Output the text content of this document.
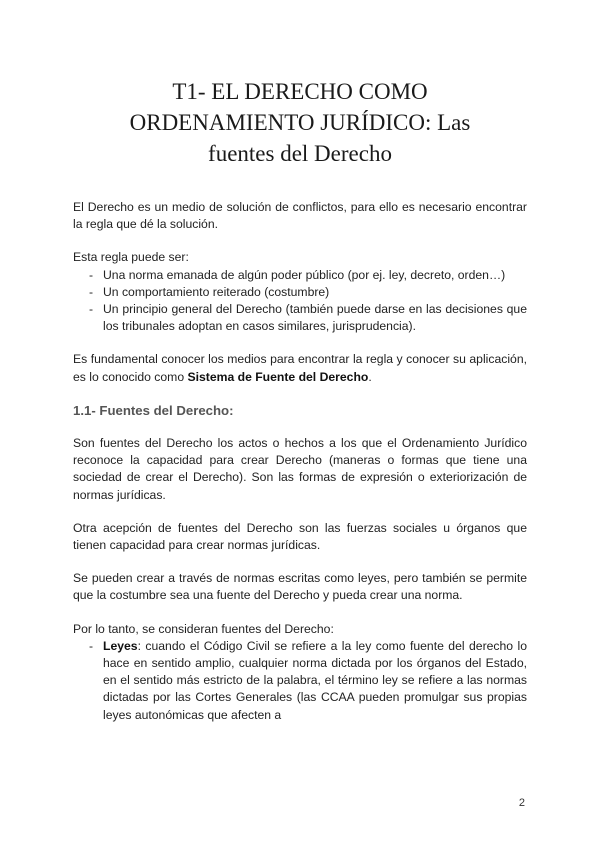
T1- EL DERECHO COMO
ORDENAMIENTO JURÍDICO: Las
fuentes del Derecho

El Derecho es un medio de solución de conflictos, para ello es necesario encontrar la regla que dé la solución.

Esta regla puede ser:

- Una norma emanada de algún poder público (por ej. ley, decreto, orden…)
- Un comportamiento reiterado (costumbre)
- Un principio general del Derecho (también puede darse en las decisiones que los tribunales adoptan en casos similares, jurisprudencia).

Es fundamental conocer los medios para encontrar la regla y conocer su aplicación, es lo conocido como Sistema de Fuente del Derecho.

1.1- Fuentes del Derecho:

Son fuentes del Derecho los actos o hechos a los que el Ordenamiento Jurídico reconoce la capacidad para crear Derecho (maneras o formas que tiene una sociedad de crear el Derecho). Son las formas de expresión o exteriorización de normas jurídicas.

Otra acepción de fuentes del Derecho son las fuerzas sociales u órganos que tienen capacidad para crear normas jurídicas.

Se pueden crear a través de normas escritas como leyes, pero también se permite que la costumbre sea una fuente del Derecho y pueda crear una norma.

Por lo tanto, se consideran fuentes del Derecho:

- Leyes: cuando el Código Civil se refiere a la ley como fuente del derecho lo hace en sentido amplio, cualquier norma dictada por los órganos del Estado, en el sentido más estricto de la palabra, el término ley se refiere a las normas dictadas por las Cortes Generales (las CCAA pueden promulgar sus propias leyes autonómicas que afecten a
2
